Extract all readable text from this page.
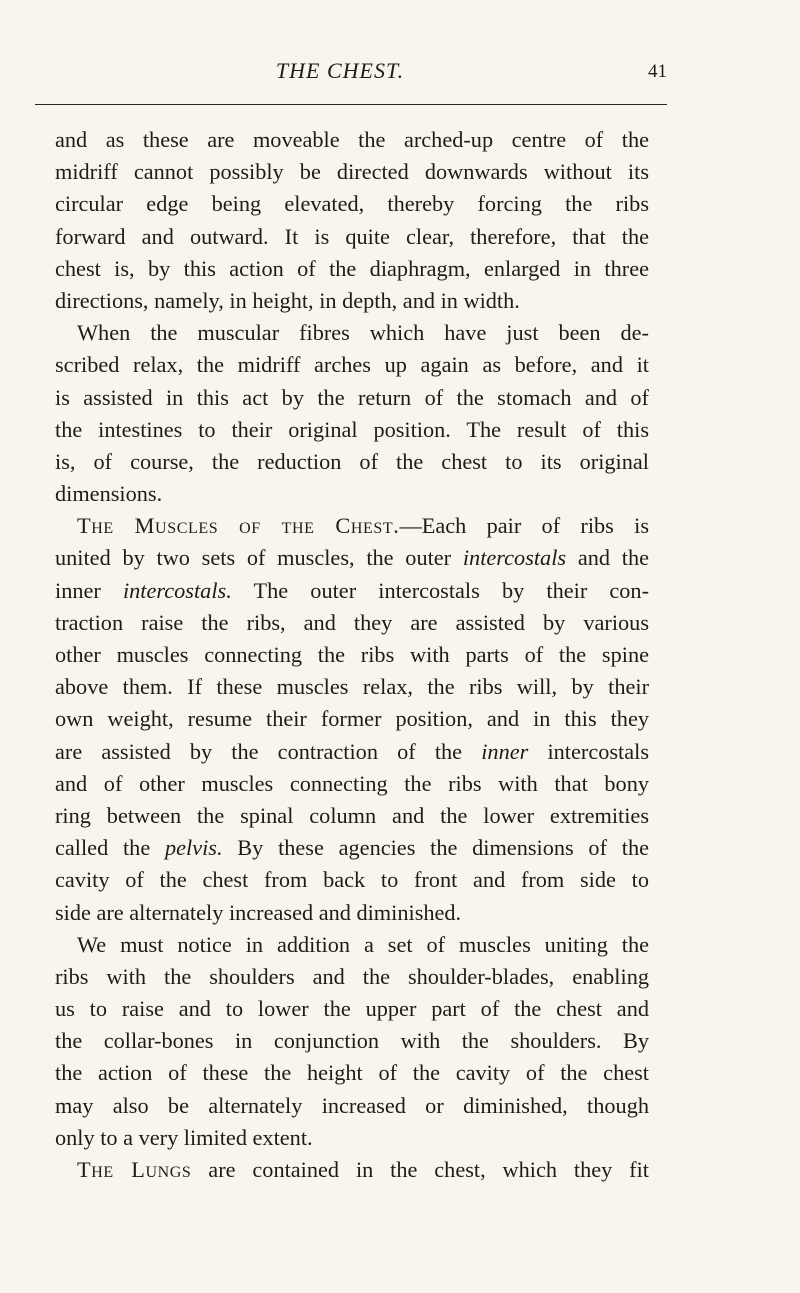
THE CHEST.	41
and as these are moveable the arched-up centre of the
midriff cannot possibly be directed downwards without its
circular edge being elevated, thereby forcing the ribs
forward and outward. It is quite clear, therefore, that the
chest is, by this action of the diaphragm, enlarged in three
directions, namely, in height, in depth, and in width.
When the muscular fibres which have just been de-
scribed relax, the midriff arches up again as before, and it
is assisted in this act by the return of the stomach and of
the intestines to their original position. The result of this
is, of course, the reduction of the chest to its original
dimensions.
The Muscles of the Chest.—Each pair of ribs is
united by two sets of muscles, the outer intercostals and the
inner intercostals. The outer intercostals by their con-
traction raise the ribs, and they are assisted by various
other muscles connecting the ribs with parts of the spine
above them. If these muscles relax, the ribs will, by their
own weight, resume their former position, and in this they
are assisted by the contraction of the inner intercostals
and of other muscles connecting the ribs with that bony
ring between the spinal column and the lower extremities
called the pelvis. By these agencies the dimensions of the
cavity of the chest from back to front and from side to
side are alternately increased and diminished.
We must notice in addition a set of muscles uniting the
ribs with the shoulders and the shoulder-blades, enabling
us to raise and to lower the upper part of the chest and
the collar-bones in conjunction with the shoulders. By
the action of these the height of the cavity of the chest
may also be alternately increased or diminished, though
only to a very limited extent.
The Lungs are contained in the chest, which they fit
